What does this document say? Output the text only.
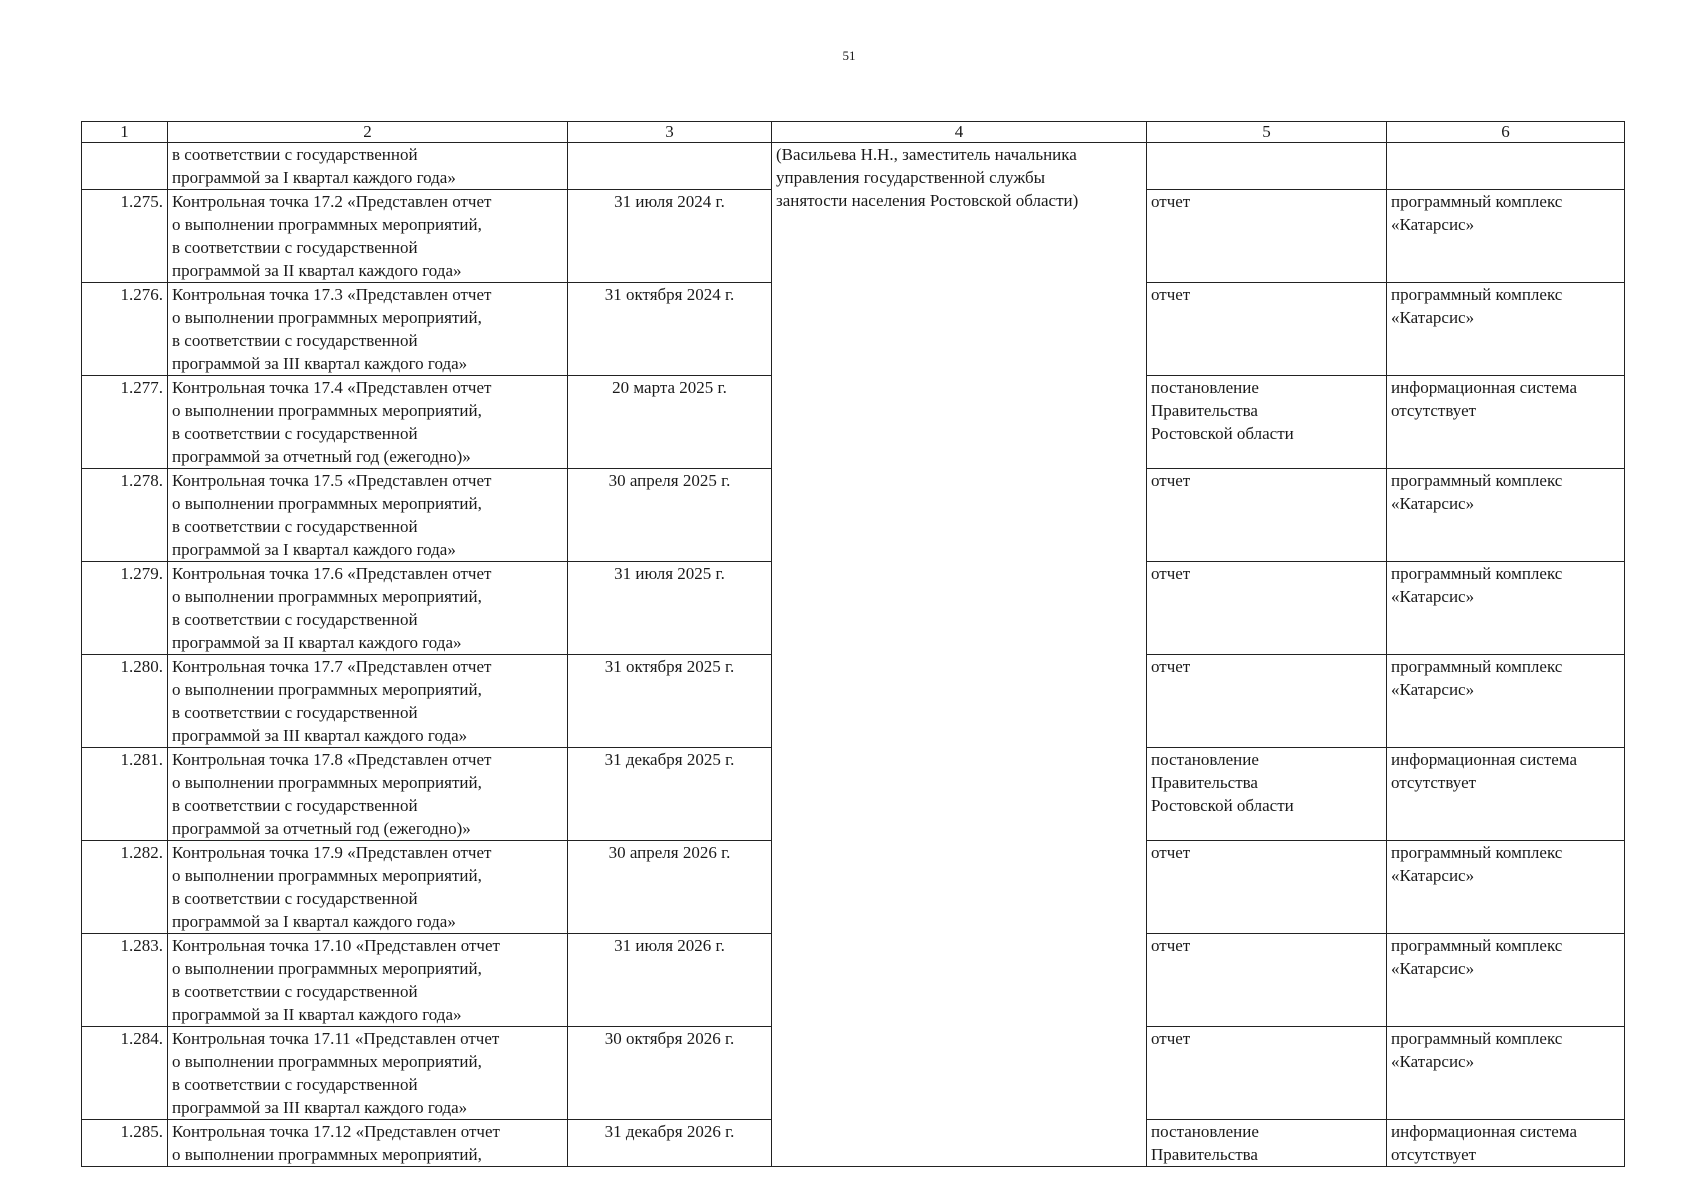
51
1	2	3	4	5	6

	в соответствии с государственной
программой за I квартал каждого года»		(Васильева Н.Н., заместитель начальника
управления государственной службы
занятости населения Ростовской области)		

1.275.	Контрольная точка 17.2 «Представлен отчет
о выполнении программных мероприятий,
в соответствии с государственной
программой за II квартал каждого года»	31 июля 2024 г.		отчет	программный комплекс
«Катарсис»

1.276.	Контрольная точка 17.3 «Представлен отчет
о выполнении программных мероприятий,
в соответствии с государственной
программой за III квартал каждого года»	31 октября 2024 г.		отчет	программный комплекс
«Катарсис»

1.277.	Контрольная точка 17.4 «Представлен отчет
о выполнении программных мероприятий,
в соответствии с государственной
программой за отчетный год (ежегодно)»	20 марта 2025 г.		постановление
Правительства
Ростовской области	информационная система
отсутствует

1.278.	Контрольная точка 17.5 «Представлен отчет
о выполнении программных мероприятий,
в соответствии с государственной
программой за I квартал каждого года»	30 апреля 2025 г.		отчет	программный комплекс
«Катарсис»

1.279.	Контрольная точка 17.6 «Представлен отчет
о выполнении программных мероприятий,
в соответствии с государственной
программой за II квартал каждого года»	31 июля 2025 г.		отчет	программный комплекс
«Катарсис»

1.280.	Контрольная точка 17.7 «Представлен отчет
о выполнении программных мероприятий,
в соответствии с государственной
программой за III квартал каждого года»	31 октября 2025 г.		отчет	программный комплекс
«Катарсис»

1.281.	Контрольная точка 17.8 «Представлен отчет
о выполнении программных мероприятий,
в соответствии с государственной
программой за отчетный год (ежегодно)»	31 декабря 2025 г.		постановление
Правительства
Ростовской области	информационная система
отсутствует

1.282.	Контрольная точка 17.9 «Представлен отчет
о выполнении программных мероприятий,
в соответствии с государственной
программой за I квартал каждого года»	30 апреля 2026 г.		отчет	программный комплекс
«Катарсис»

1.283.	Контрольная точка 17.10 «Представлен отчет
о выполнении программных мероприятий,
в соответствии с государственной
программой за II квартал каждого года»	31 июля 2026 г.		отчет	программный комплекс
«Катарсис»

1.284.	Контрольная точка 17.11 «Представлен отчет
о выполнении программных мероприятий,
в соответствии с государственной
программой за III квартал каждого года»	30 октября 2026 г.		отчет	программный комплекс
«Катарсис»

1.285.	Контрольная точка 17.12 «Представлен отчет
о выполнении программных мероприятий,	31 декабря 2026 г.		постановление
Правительства	информационная система
отсутствует
